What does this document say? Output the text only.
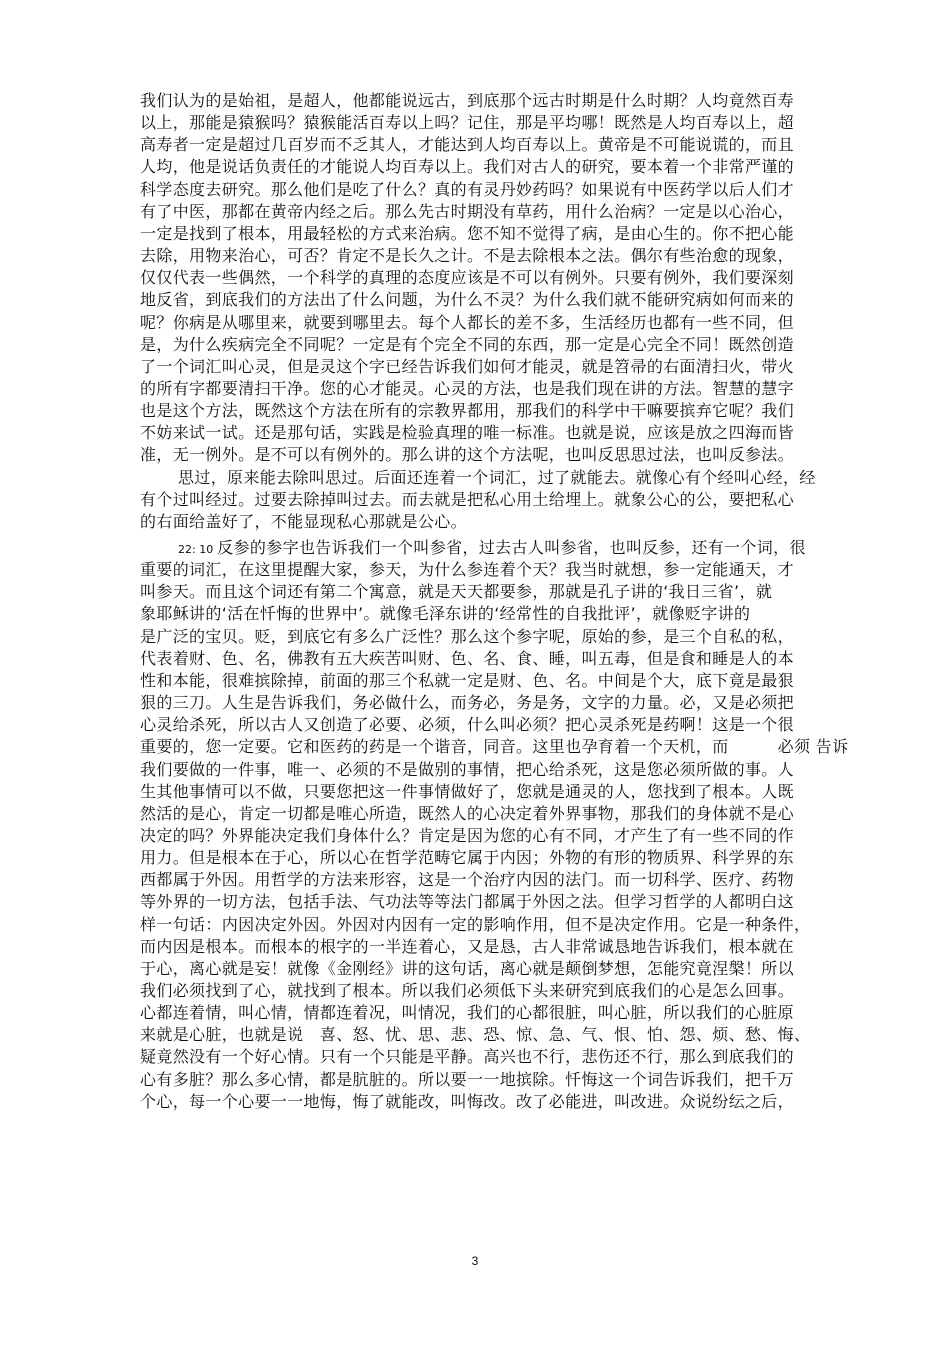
我们认为的是始祖，是超人，他都能说远古，到底那个远古时期是什么时期？人均竟然百寿
以上，那能是猿猴吗？猿猴能活百寿以上吗？记住，那是平均哪！既然是人均百寿以上，超
高寿者一定是超过几百岁而不乏其人，才能达到人均百寿以上。黄帝是不可能说谎的，而且
人均，他是说话负责任的才能说人均百寿以上。我们对古人的研究，要本着一个非常严谨的
科学态度去研究。那么他们是吃了什么？真的有灵丹妙药吗？如果说有中医药学以后人们才
有了中医，那都在黄帝内经之后。那么先古时期没有草药，用什么治病？一定是以心治心，
一定是找到了根本，用最轻松的方式来治病。您不知不觉得了病，是由心生的。你不把心能
去除，用物来治心，可否？肯定不是长久之计。不是去除根本之法。偶尔有些治愈的现象，
仅仅代表一些偶然，一个科学的真理的态度应该是不可以有例外。只要有例外，我们要深刻
地反省，到底我们的方法出了什么问题，为什么不灵？为什么我们就不能研究病如何而来的
呢？你病是从哪里来，就要到哪里去。每个人都长的差不多，生活经历也都有一些不同，但
是，为什么疾病完全不同呢？一定是有个完全不同的东西，那一定是心完全不同！既然创造
了一个词汇叫心灵，但是灵这个字已经告诉我们如何才能灵，就是笤帚的右面清扫火，带火
的所有字都要清扫干净。您的心才能灵。心灵的方法，也是我们现在讲的方法。智慧的慧字
也是这个方法，既然这个方法在所有的宗教界都用，那我们的科学中干嘛要摈弃它呢？我们
不妨来试一试。还是那句话，实践是检验真理的唯一标准。也就是说，应该是放之四海而皆
准，无一例外。是不可以有例外的。那么讲的这个方法呢，也叫反思思过法，也叫反参法。
思过，原来能去除叫思过。后面还连着一个词汇，过了就能去。就像心有个经叫心经，经
有个过叫经过。过要去除掉叫过去。而去就是把私心用土给埋上。就象公心的公，要把私心
的右面给盖好了，不能显现私心那就是公心。
22: 10 反参的参字也告诉我们一个叫参省，过去古人叫参省，也叫反参，还有一个词，很
重要的词汇，在这里提醒大家，参天，为什么参连着个天？我当时就想，参一定能通天，才
叫参天。而且这个词还有第二个寓意，就是天天都要参，那就是孔子讲的‘我日三省’，就
象耶稣讲的‘活在忏悔的世界中’。就像毛泽东讲的‘经常性的自我批评’，就像贬字讲的
是广泛的宝贝。贬，到底它有多么广泛性？那么这个参字呢，原始的参，是三个自私的私，
代表着财、色、名，佛教有五大疾苦叫财、色、名、食、睡，叫五毒，但是食和睡是人的本
性和本能，很难摈除掉，前面的那三个私就一定是财、色、名。中间是个大，底下竟是最狠
狠的三刀。人生是告诉我们，务必做什么，而务必，务是务，文字的力量。必，又是必须把
心灵给杀死，所以古人又创造了必要、必须，什么叫必须？把心灵杀死是药啊！这是一个很
重要的，您一定要。它和医药的药是一个谐音，同音。这里也孕育着一个天机，而　　　必须 告诉
我们要做的一件事，唯一、必须的不是做别的事情，把心给杀死，这是您必须所做的事。人
生其他事情可以不做，只要您把这一件事情做好了，您就是通灵的人，您找到了根本。人既
然活的是心，肯定一切都是唯心所造，既然人的心决定着外界事物，那我们的身体就不是心
决定的吗？外界能决定我们身体什么？肯定是因为您的心有不同，才产生了有一些不同的作
用力。但是根本在于心，所以心在哲学范畴它属于内因；外物的有形的物质界、科学界的东
西都属于外因。用哲学的方法来形容，这是一个治疗内因的法门。而一切科学、医疗、药物
等外界的一切方法，包括手法、气功法等等法门都属于外因之法。但学习哲学的人都明白这
样一句话：内因决定外因。外因对内因有一定的影响作用，但不是决定作用。它是一种条件，
而内因是根本。而根本的根字的一半连着心，又是恳，古人非常诚恳地告诉我们，根本就在
于心，离心就是妄！就像《金刚经》讲的这句话，离心就是颠倒梦想，怎能究竟涅槃！所以
我们必须找到了心，就找到了根本。所以我们必须低下头来研究到底我们的心是怎么回事。
心都连着情，叫心情，情都连着况，叫情况，我们的心都很脏，叫心脏，所以我们的心脏原
来就是心脏，也就是说　喜、怒、忧、思、悲、恐、惊、急、气、恨、怕、怨、烦、愁、悔、
疑竟然没有一个好心情。只有一个只能是平静。高兴也不行，悲伤还不行，那么到底我们的
心有多脏？那么多心情，都是肮脏的。所以要一一地摈除。忏悔这一个词告诉我们，把千万
个心，每一个心要一一地悔，悔了就能改，叫悔改。改了必能进，叫改进。众说纷纭之后，
3
